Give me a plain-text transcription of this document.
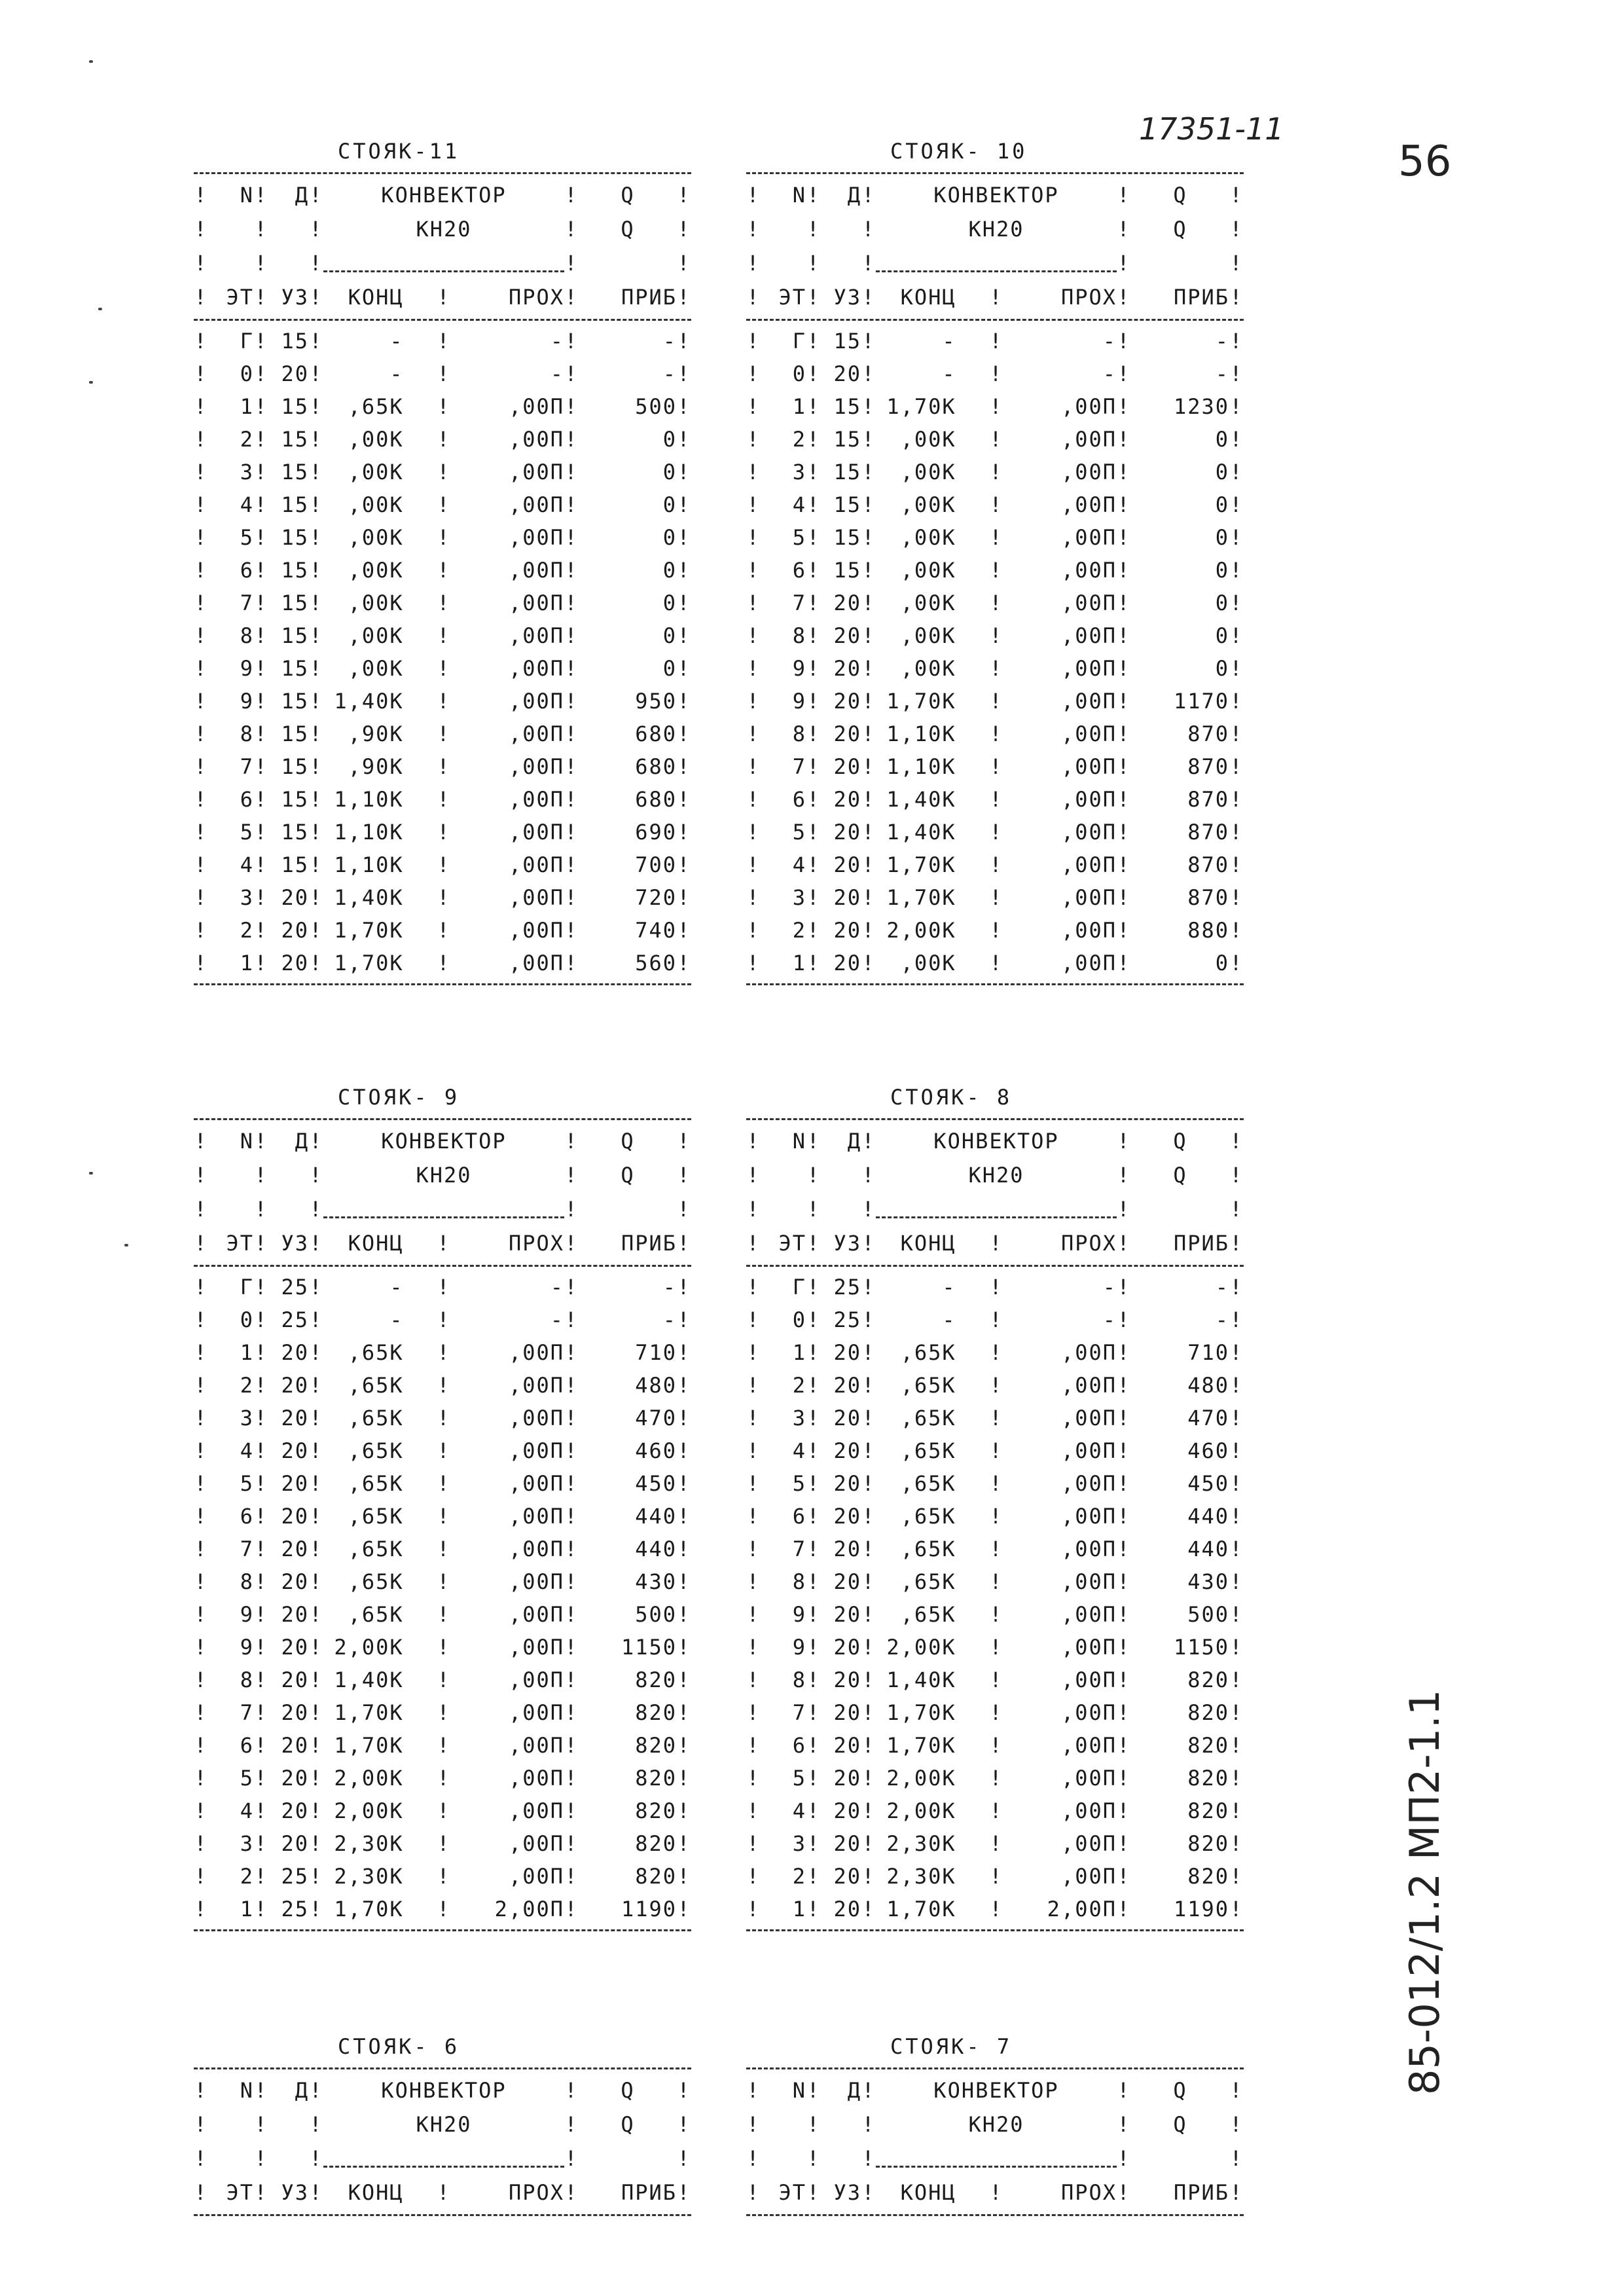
56
17351-11
85-012/1.2 МП2-1.1
СТОЯК-11
!	N	!	Д	!	КОНВЕКТОР			!	Q	!
!		!		!	КН20			!	Q	!
!		!		!				!		!
!	ЭТ	!	УЗ	!	КОНЦ	!	ПРОХ	!	ПРИБ	!

!	Г	!	15	!	-	!	-	!	-	!
!	0	!	20	!	-	!	-	!	-	!
!	1	!	15	!	,65К	!	,00П	!	500	!
!	2	!	15	!	,00К	!	,00П	!	0	!
!	3	!	15	!	,00К	!	,00П	!	0	!
!	4	!	15	!	,00К	!	,00П	!	0	!
!	5	!	15	!	,00К	!	,00П	!	0	!
!	6	!	15	!	,00К	!	,00П	!	0	!
!	7	!	15	!	,00К	!	,00П	!	0	!
!	8	!	15	!	,00К	!	,00П	!	0	!
!	9	!	15	!	,00К	!	,00П	!	0	!
!	9	!	15	!	1,40К	!	,00П	!	950	!
!	8	!	15	!	,90К	!	,00П	!	680	!
!	7	!	15	!	,90К	!	,00П	!	680	!
!	6	!	15	!	1,10К	!	,00П	!	680	!
!	5	!	15	!	1,10К	!	,00П	!	690	!
!	4	!	15	!	1,10К	!	,00П	!	700	!
!	3	!	20	!	1,40К	!	,00П	!	720	!
!	2	!	20	!	1,70К	!	,00П	!	740	!
!	1	!	20	!	1,70К	!	,00П	!	560	!
СТОЯК- 10
!	N	!	Д	!	КОНВЕКТОР			!	Q	!
!		!		!	КН20			!	Q	!
!		!		!				!		!
!	ЭТ	!	УЗ	!	КОНЦ	!	ПРОХ	!	ПРИБ	!

!	Г	!	15	!	-	!	-	!	-	!
!	0	!	20	!	-	!	-	!	-	!
!	1	!	15	!	1,70К	!	,00П	!	1230	!
!	2	!	15	!	,00К	!	,00П	!	0	!
!	3	!	15	!	,00К	!	,00П	!	0	!
!	4	!	15	!	,00К	!	,00П	!	0	!
!	5	!	15	!	,00К	!	,00П	!	0	!
!	6	!	15	!	,00К	!	,00П	!	0	!
!	7	!	20	!	,00К	!	,00П	!	0	!
!	8	!	20	!	,00К	!	,00П	!	0	!
!	9	!	20	!	,00К	!	,00П	!	0	!
!	9	!	20	!	1,70К	!	,00П	!	1170	!
!	8	!	20	!	1,10К	!	,00П	!	870	!
!	7	!	20	!	1,10К	!	,00П	!	870	!
!	6	!	20	!	1,40К	!	,00П	!	870	!
!	5	!	20	!	1,40К	!	,00П	!	870	!
!	4	!	20	!	1,70К	!	,00П	!	870	!
!	3	!	20	!	1,70К	!	,00П	!	870	!
!	2	!	20	!	2,00К	!	,00П	!	880	!
!	1	!	20	!	,00К	!	,00П	!	0	!
СТОЯК- 9
!	N	!	Д	!	КОНВЕКТОР			!	Q	!
!		!		!	КН20			!	Q	!
!		!		!				!		!
!	ЭТ	!	УЗ	!	КОНЦ	!	ПРОХ	!	ПРИБ	!

!	Г	!	25	!	-	!	-	!	-	!
!	0	!	25	!	-	!	-	!	-	!
!	1	!	20	!	,65К	!	,00П	!	710	!
!	2	!	20	!	,65К	!	,00П	!	480	!
!	3	!	20	!	,65К	!	,00П	!	470	!
!	4	!	20	!	,65К	!	,00П	!	460	!
!	5	!	20	!	,65К	!	,00П	!	450	!
!	6	!	20	!	,65К	!	,00П	!	440	!
!	7	!	20	!	,65К	!	,00П	!	440	!
!	8	!	20	!	,65К	!	,00П	!	430	!
!	9	!	20	!	,65К	!	,00П	!	500	!
!	9	!	20	!	2,00К	!	,00П	!	1150	!
!	8	!	20	!	1,40К	!	,00П	!	820	!
!	7	!	20	!	1,70К	!	,00П	!	820	!
!	6	!	20	!	1,70К	!	,00П	!	820	!
!	5	!	20	!	2,00К	!	,00П	!	820	!
!	4	!	20	!	2,00К	!	,00П	!	820	!
!	3	!	20	!	2,30К	!	,00П	!	820	!
!	2	!	25	!	2,30К	!	,00П	!	820	!
!	1	!	25	!	1,70К	!	2,00П	!	1190	!
СТОЯК- 8
!	N	!	Д	!	КОНВЕКТОР			!	Q	!
!		!		!	КН20			!	Q	!
!		!		!				!		!
!	ЭТ	!	УЗ	!	КОНЦ	!	ПРОХ	!	ПРИБ	!

!	Г	!	25	!	-	!	-	!	-	!
!	0	!	25	!	-	!	-	!	-	!
!	1	!	20	!	,65К	!	,00П	!	710	!
!	2	!	20	!	,65К	!	,00П	!	480	!
!	3	!	20	!	,65К	!	,00П	!	470	!
!	4	!	20	!	,65К	!	,00П	!	460	!
!	5	!	20	!	,65К	!	,00П	!	450	!
!	6	!	20	!	,65К	!	,00П	!	440	!
!	7	!	20	!	,65К	!	,00П	!	440	!
!	8	!	20	!	,65К	!	,00П	!	430	!
!	9	!	20	!	,65К	!	,00П	!	500	!
!	9	!	20	!	2,00К	!	,00П	!	1150	!
!	8	!	20	!	1,40К	!	,00П	!	820	!
!	7	!	20	!	1,70К	!	,00П	!	820	!
!	6	!	20	!	1,70К	!	,00П	!	820	!
!	5	!	20	!	2,00К	!	,00П	!	820	!
!	4	!	20	!	2,00К	!	,00П	!	820	!
!	3	!	20	!	2,30К	!	,00П	!	820	!
!	2	!	20	!	2,30К	!	,00П	!	820	!
!	1	!	20	!	1,70К	!	2,00П	!	1190	!
СТОЯК- 6
!	N	!	Д	!	КОНВЕКТОР			!	Q	!
!		!		!	КН20			!	Q	!
!		!		!				!		!
!	ЭТ	!	УЗ	!	КОНЦ	!	ПРОХ	!	ПРИБ	!

СТОЯК- 7
!	N	!	Д	!	КОНВЕКТОР			!	Q	!
!		!		!	КН20			!	Q	!
!		!		!				!		!
!	ЭТ	!	УЗ	!	КОНЦ	!	ПРОХ	!	ПРИБ	!
